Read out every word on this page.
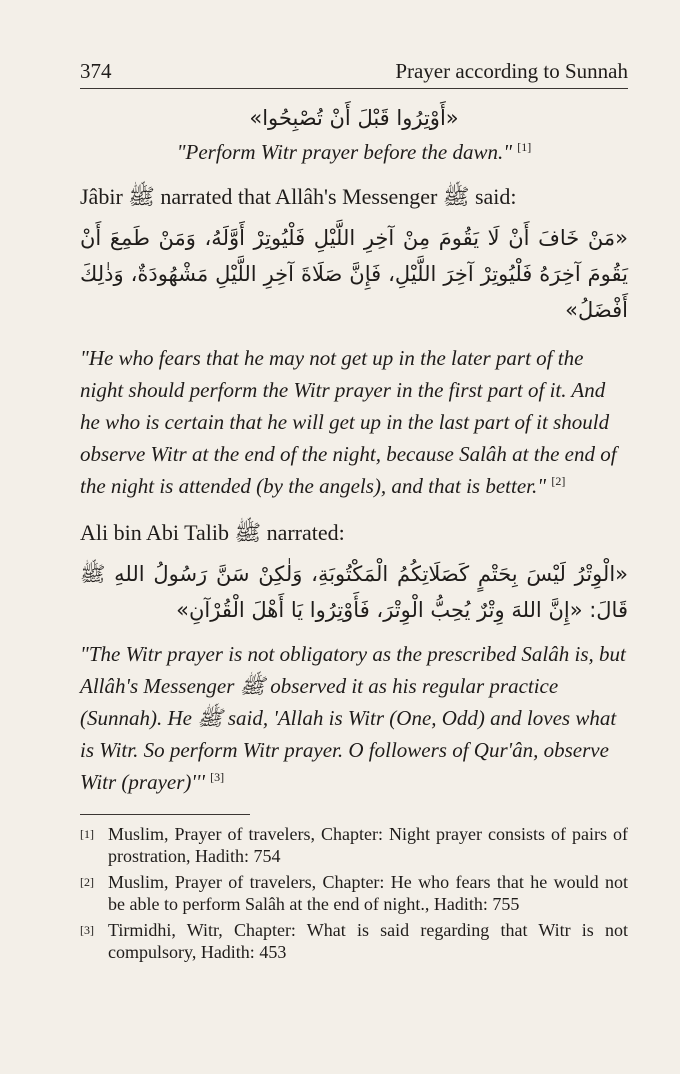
374	Prayer according to Sunnah

«أَوْتِرُوا قَبْلَ أَنْ تُصْبِحُوا»

"Perform Witr prayer before the dawn." [1]

Jâbir ﷺ narrated that Allâh's Messenger ﷺ said:

«مَنْ خَافَ أَنْ لَا يَقُومَ مِنْ آخِرِ اللَّيْلِ فَلْيُوتِرْ أَوَّلَهُ، وَمَنْ طَمِعَ أَنْ يَقُومَ آخِرَهُ فَلْيُوتِرْ آخِرَ اللَّيْلِ، فَإِنَّ صَلَاةَ آخِرِ اللَّيْلِ مَشْهُودَةٌ، وَذٰلِكَ أَفْضَلُ»

"He who fears that he may not get up in the later part of the night should perform the Witr prayer in the first part of it. And he who is certain that he will get up in the last part of it should observe Witr at the end of the night, because Salâh at the end of the night is attended (by the angels), and that is better." [2]

Ali bin Abi Talib ﷺ narrated:

«الْوِتْرُ لَيْسَ بِحَتْمٍ كَصَلَاتِكُمُ الْمَكْتُوبَةِ، وَلٰكِنْ سَنَّ رَسُولُ اللهِ ﷺ قَالَ: «إِنَّ اللهَ وِتْرٌ يُحِبُّ الْوِتْرَ، فَأَوْتِرُوا يَا أَهْلَ الْقُرْآنِ»

"The Witr prayer is not obligatory as the prescribed Salâh is, but Allâh's Messenger ﷺ observed it as his regular practice (Sunnah). He ﷺ said, 'Allah is Witr (One, Odd) and loves what is Witr. So perform Witr prayer. O followers of Qur'ân, observe Witr (prayer)''' [3]

[1] Muslim, Prayer of travelers, Chapter: Night prayer consists of pairs of prostration, Hadith: 754
[2] Muslim, Prayer of travelers, Chapter: He who fears that he would not be able to perform Salâh at the end of night., Hadith: 755
[3] Tirmidhi, Witr, Chapter: What is said regarding that Witr is not compulsory, Hadith: 453
